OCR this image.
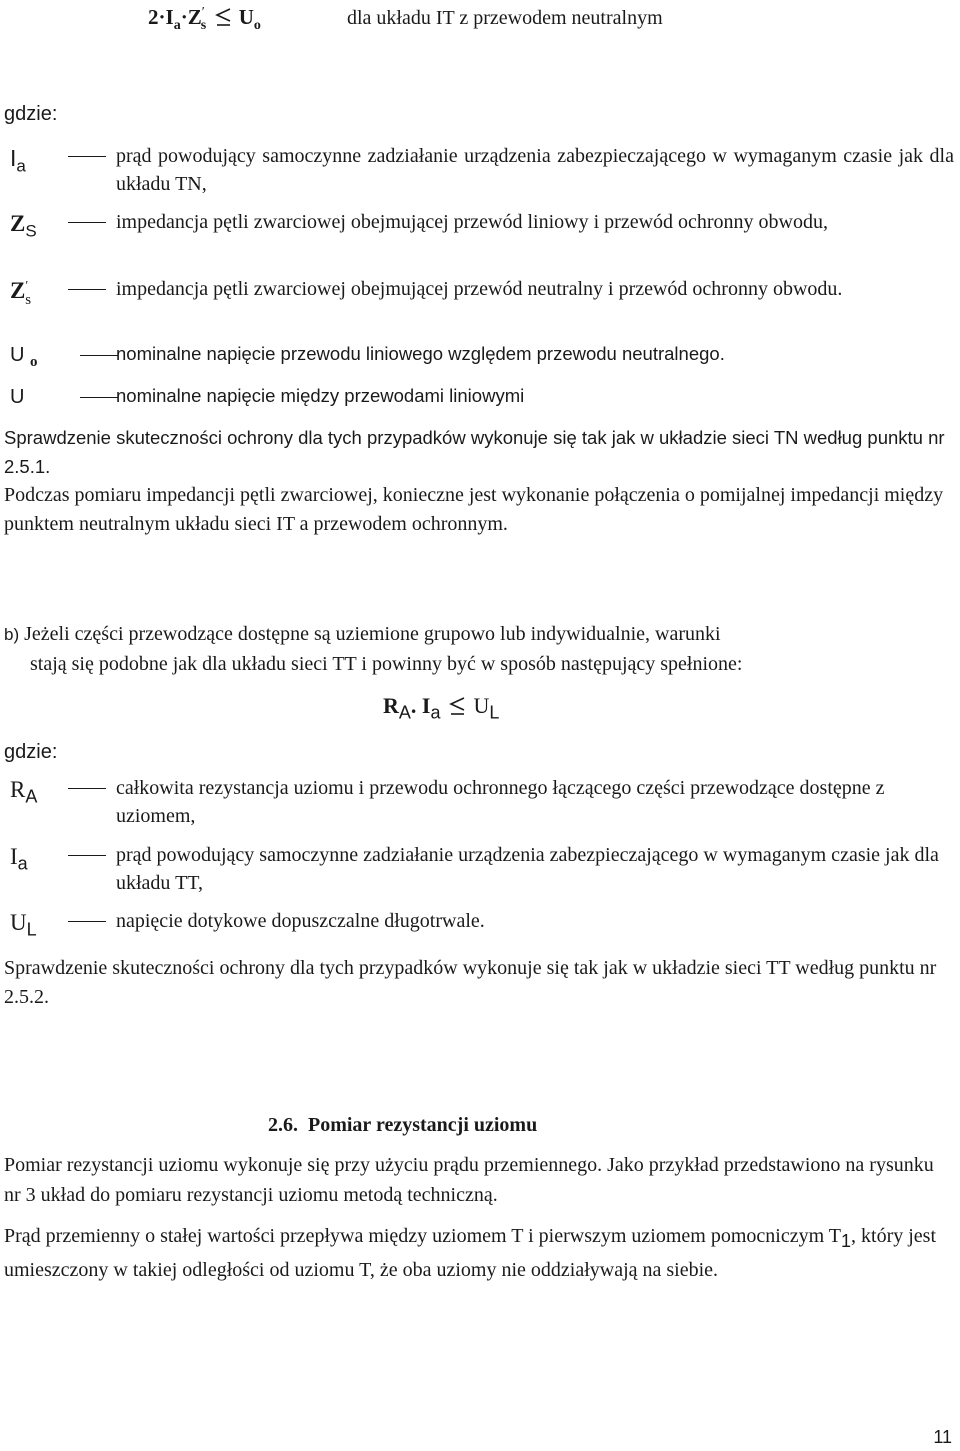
$2\cdot I_a\cdot Z'_s$ $U_o$	dla układu IT z przewodem neutralnym
gdzie:
$I_a$	prąd powodujący samoczynne zadziałanie urządzenia zabezpieczającego w wymaganym czasie jak dla układu TN,
$Z_S$	impedancja pętli zwarciowej obejmującej przewód liniowy i przewód ochronny obwodu,
$Z'_s$	impedancja pętli zwarciowej obejmującej przewód neutralny i przewód ochronny obwodu.
U $_o$	nominalne napięcie przewodu liniowego względem przewodu neutralnego.
U	nominalne napięcie między przewodami liniowymi
Sprawdzenie skuteczności ochrony dla tych przypadków wykonuje się tak jak w układzie sieci TN według punktu nr 2.5.1.
Podczas pomiaru impedancji pętli zwarciowej, konieczne jest wykonanie połączenia o pomijalnej impedancji między punktem neutralnym układu sieci IT a przewodem ochronnym.
b) Jeżeli części przewodzące dostępne są uziemione grupowo lub indywidualnie, warunki
stają się podobne jak dla układu sieci TT i powinny być w sposób następujący spełnione:
$R_A$. $I_a$ $U_L$
gdzie:
$R_A$	całkowita rezystancja uziomu i przewodu ochronnego łączącego części przewodzące dostępne z uziomem,
$I_a$	prąd powodujący samoczynne zadziałanie urządzenia zabezpieczającego w wymaganym czasie jak dla układu TT,
$U_L$	napięcie dotykowe dopuszczalne długotrwale.
Sprawdzenie skuteczności ochrony dla tych przypadków wykonuje się tak jak w układzie sieci TT według punktu nr 2.5.2.
2.6. Pomiar rezystancji uziomu
Pomiar rezystancji uziomu wykonuje się przy użyciu prądu przemiennego. Jako przykład przedstawiono na rysunku nr 3 układ do pomiaru rezystancji uziomu metodą techniczną.
Prąd przemienny o stałej wartości przepływa między uziomem T i pierwszym uziomem pomocniczym $T_1$, który jest umieszczony w takiej odległości od uziomu T, że oba uziomy nie oddziaływają na siebie.
11
